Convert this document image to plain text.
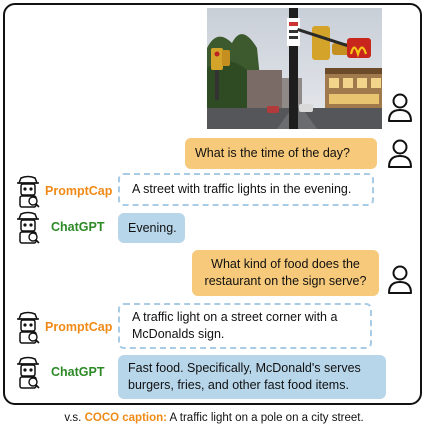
What is the time of the day?
PromptCap A street with traffic lights in the evening.
ChatGPT Evening.
What kind of food does the restaurant on the sign serve?
PromptCap
A traffic light on a street corner with a McDonalds sign.
ChatGPT Fast food. Specifically, McDonald's serves burgers, fries, and other fast food items.
v.s. COCO caption: A traffic light on a pole on a city street.
